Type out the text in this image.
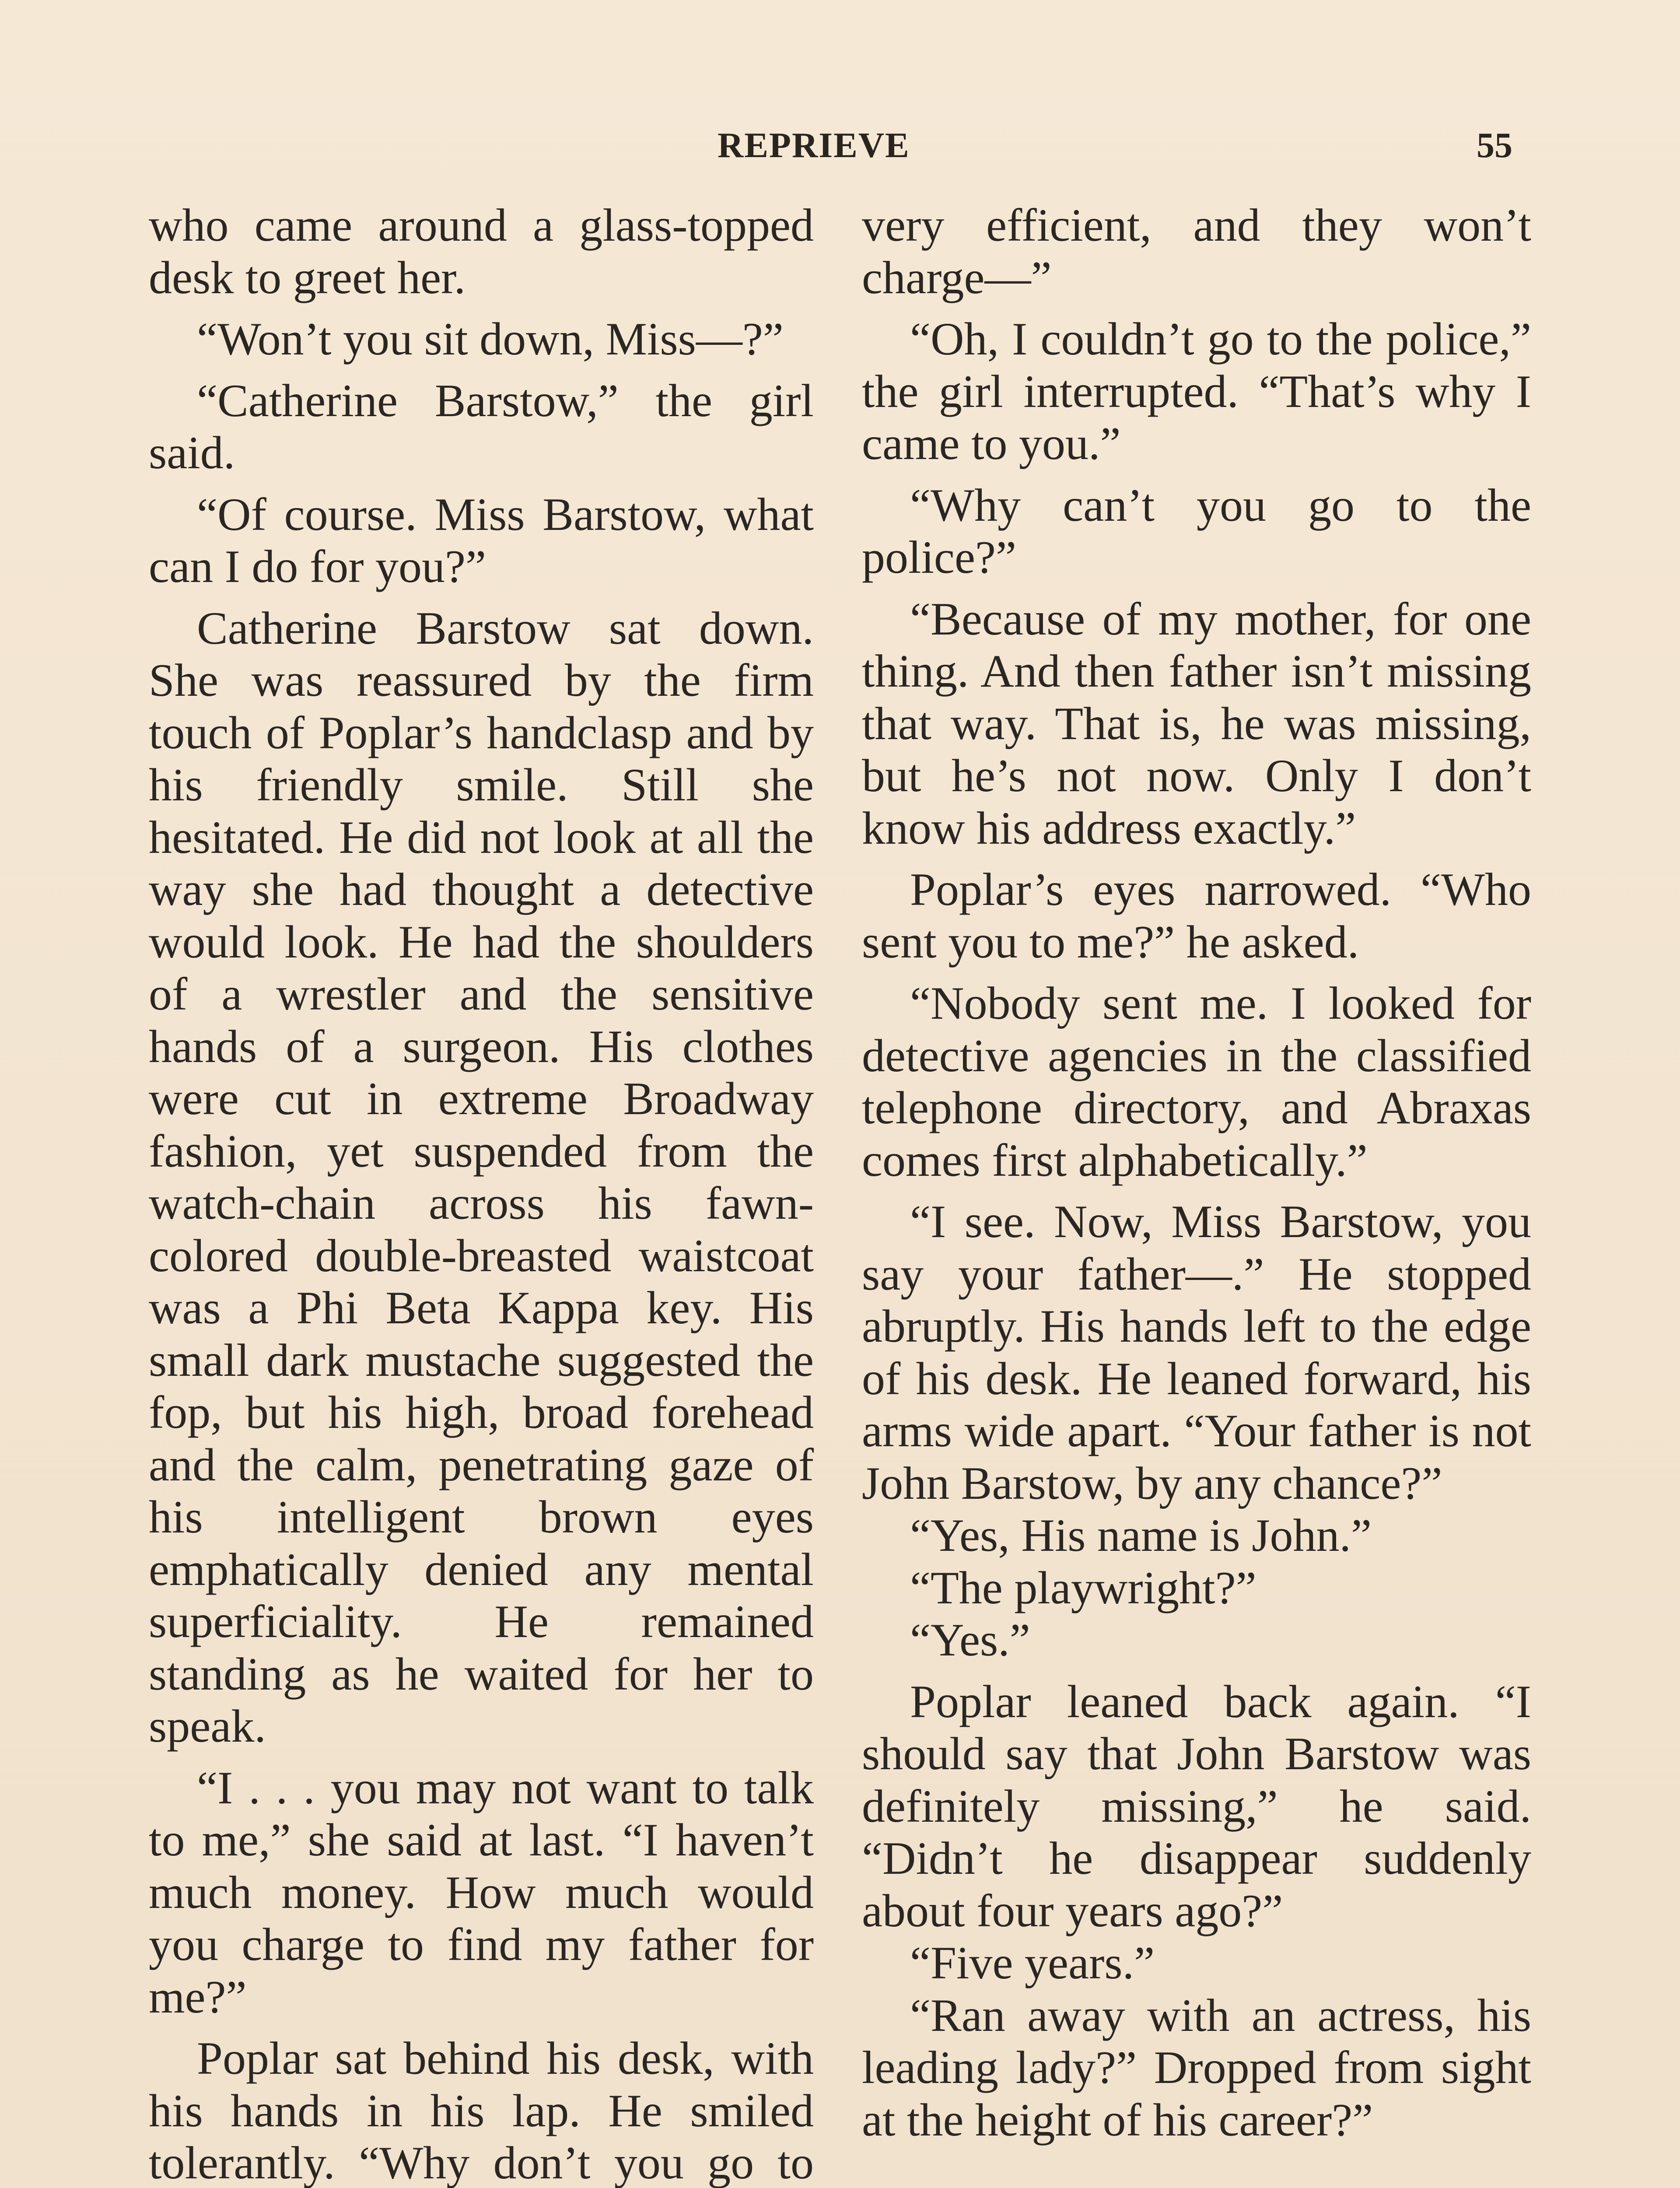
REPRIEVE	55

who came around a glass-topped desk to greet her.

“Won’t you sit down, Miss—?”

“Catherine Barstow,” the girl said.

“Of course. Miss Barstow, what can I do for you?”

Catherine Barstow sat down. She was reassured by the firm touch of Poplar’s handclasp and by his friendly smile. Still she hesitated. He did not look at all the way she had thought a detective would look. He had the shoulders of a wrestler and the sensitive hands of a surgeon. His clothes were cut in extreme Broadway fashion, yet suspended from the watch-chain across his fawn-colored double-breasted waistcoat was a Phi Beta Kappa key. His small dark mustache suggested the fop, but his high, broad forehead and the calm, penetrating gaze of his intelligent brown eyes emphatically denied any mental superficiality. He remained standing as he waited for her to speak.

“I . . . you may not want to talk to me,” she said at last. “I haven’t much money. How much would you charge to find my father for me?”

Poplar sat behind his desk, with his hands in his lap. He smiled tolerantly. “Why don’t you go to

very efficient, and they won’t charge—”

“Oh, I couldn’t go to the police,” the girl interrupted. “That’s why I came to you.”

“Why can’t you go to the police?”

“Because of my mother, for one thing. And then father isn’t missing that way. That is, he was missing, but he’s not now. Only I don’t know his address exactly.”

Poplar’s eyes narrowed. “Who sent you to me?” he asked.

“Nobody sent me. I looked for detective agencies in the classified telephone directory, and Abraxas comes first alphabetically.”

“I see. Now, Miss Barstow, you say your father—.” He stopped abruptly. His hands left to the edge of his desk. He leaned forward, his arms wide apart. “Your father is not John Barstow, by any chance?”

“Yes, His name is John.”

“The playwright?”

“Yes.”

Poplar leaned back again. “I should say that John Barstow was definitely missing,” he said. “Didn’t he disappear suddenly about four years ago?”

“Five years.”

“Ran away with an actress, his leading lady?” Dropped from sight at the height of his career?”
